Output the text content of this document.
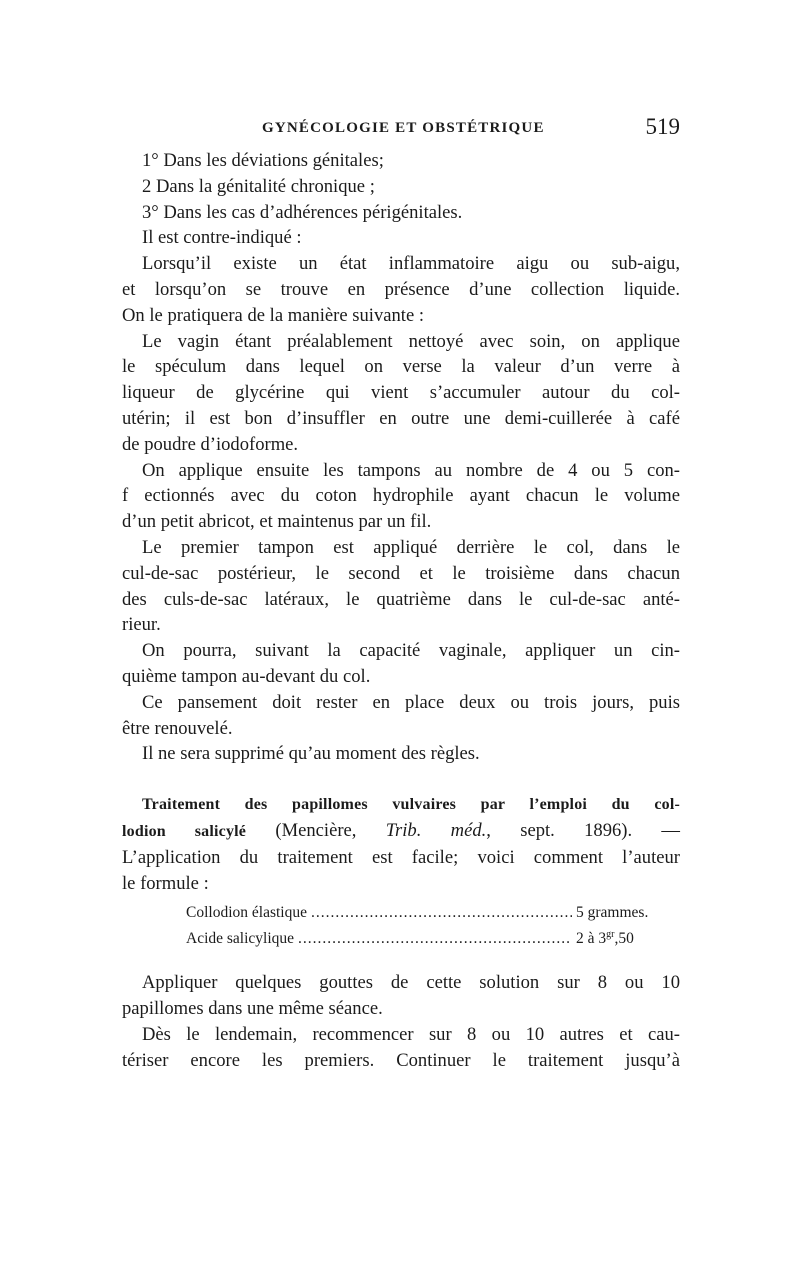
GYNÉCOLOGIE ET OBSTÉTRIQUE	519
1° Dans les déviations génitales;
2 Dans la génitalité chronique ;
3° Dans les cas d’adhérences périgénitales.
Il est contre-indiqué :
Lorsqu’il existe un état inflammatoire aigu ou sub-aigu,
et lorsqu’on se trouve en présence d’une collection liquide.
On le pratiquera de la manière suivante :
Le vagin étant préalablement nettoyé avec soin, on applique
le spéculum dans lequel on verse la valeur d’un verre à
liqueur de glycérine qui vient s’accumuler autour du col-
utérin; il est bon d’insuffler en outre une demi-cuillerée à café
de poudre d’iodoforme.
On applique ensuite les tampons au nombre de 4 ou 5 con-
f ectionnés avec du coton hydrophile ayant chacun le volume
d’un petit abricot, et maintenus par un fil.
Le premier tampon est appliqué derrière le col, dans le
cul-de-sac postérieur, le second et le troisième dans chacun
des culs-de-sac latéraux, le quatrième dans le cul-de-sac anté-
rieur.
On pourra, suivant la capacité vaginale, appliquer un cin-
quième tampon au-devant du col.
Ce pansement doit rester en place deux ou trois jours, puis
être renouvelé.
Il ne sera supprimé qu’au moment des règles.
Traitement des papillomes vulvaires par l’emploi du col-
lodion salicylé (Mencière, Trib. méd., sept. 1896). —
L’application du traitement est facile; voici comment l’auteur
le formule :
Collodion élastique .....	5 grammes.
Acide salicylique .....	2 à $3^{gr},50$
Appliquer quelques gouttes de cette solution sur 8 ou 10
papillomes dans une même séance.
Dès le lendemain, recommencer sur 8 ou 10 autres et cau-
tériser encore les premiers. Continuer le traitement jusqu’à
